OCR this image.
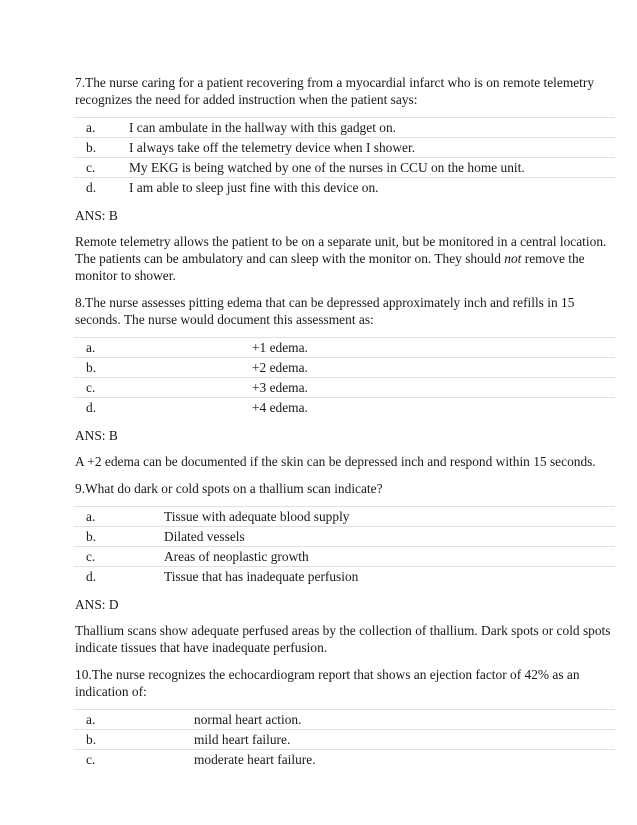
7.The nurse caring for a patient recovering from a myocardial infarct who is on remote telemetry recognizes the need for added instruction when the patient says:

a.	I can ambulate in the hallway with this gadget on.
b. I always take off the telemetry device when I shower.
c.	My EKG is being watched by one of the nurses in CCU on the home unit.
d. I am able to sleep just fine with this device on.

ANS: B

Remote telemetry allows the patient to be on a separate unit, but be monitored in a central location. The patients can be ambulatory and can sleep with the monitor on. They should not remove the monitor to shower.

8.The nurse assesses pitting edema that can be depressed approximately inch and refills in 15 seconds. The nurse would document this assessment as:

a.	+1 edema.
b.	+2 edema.
c.	+3 edema.
d.	+4 edema.

ANS: B

A +2 edema can be documented if the skin can be depressed inch and respond within 15 seconds.

9.What do dark or cold spots on a thallium scan indicate?

a.	Tissue with adequate blood supply
b.	Dilated vessels
c.	Areas of neoplastic growth
d.	Tissue that has inadequate perfusion

ANS: D

Thallium scans show adequate perfused areas by the collection of thallium. Dark spots or cold spots indicate tissues that have inadequate perfusion.

10.The nurse recognizes the echocardiogram report that shows an ejection factor of 42% as an indication of:

a.	normal heart action.
b.	mild heart failure.
c.	moderate heart failure.
